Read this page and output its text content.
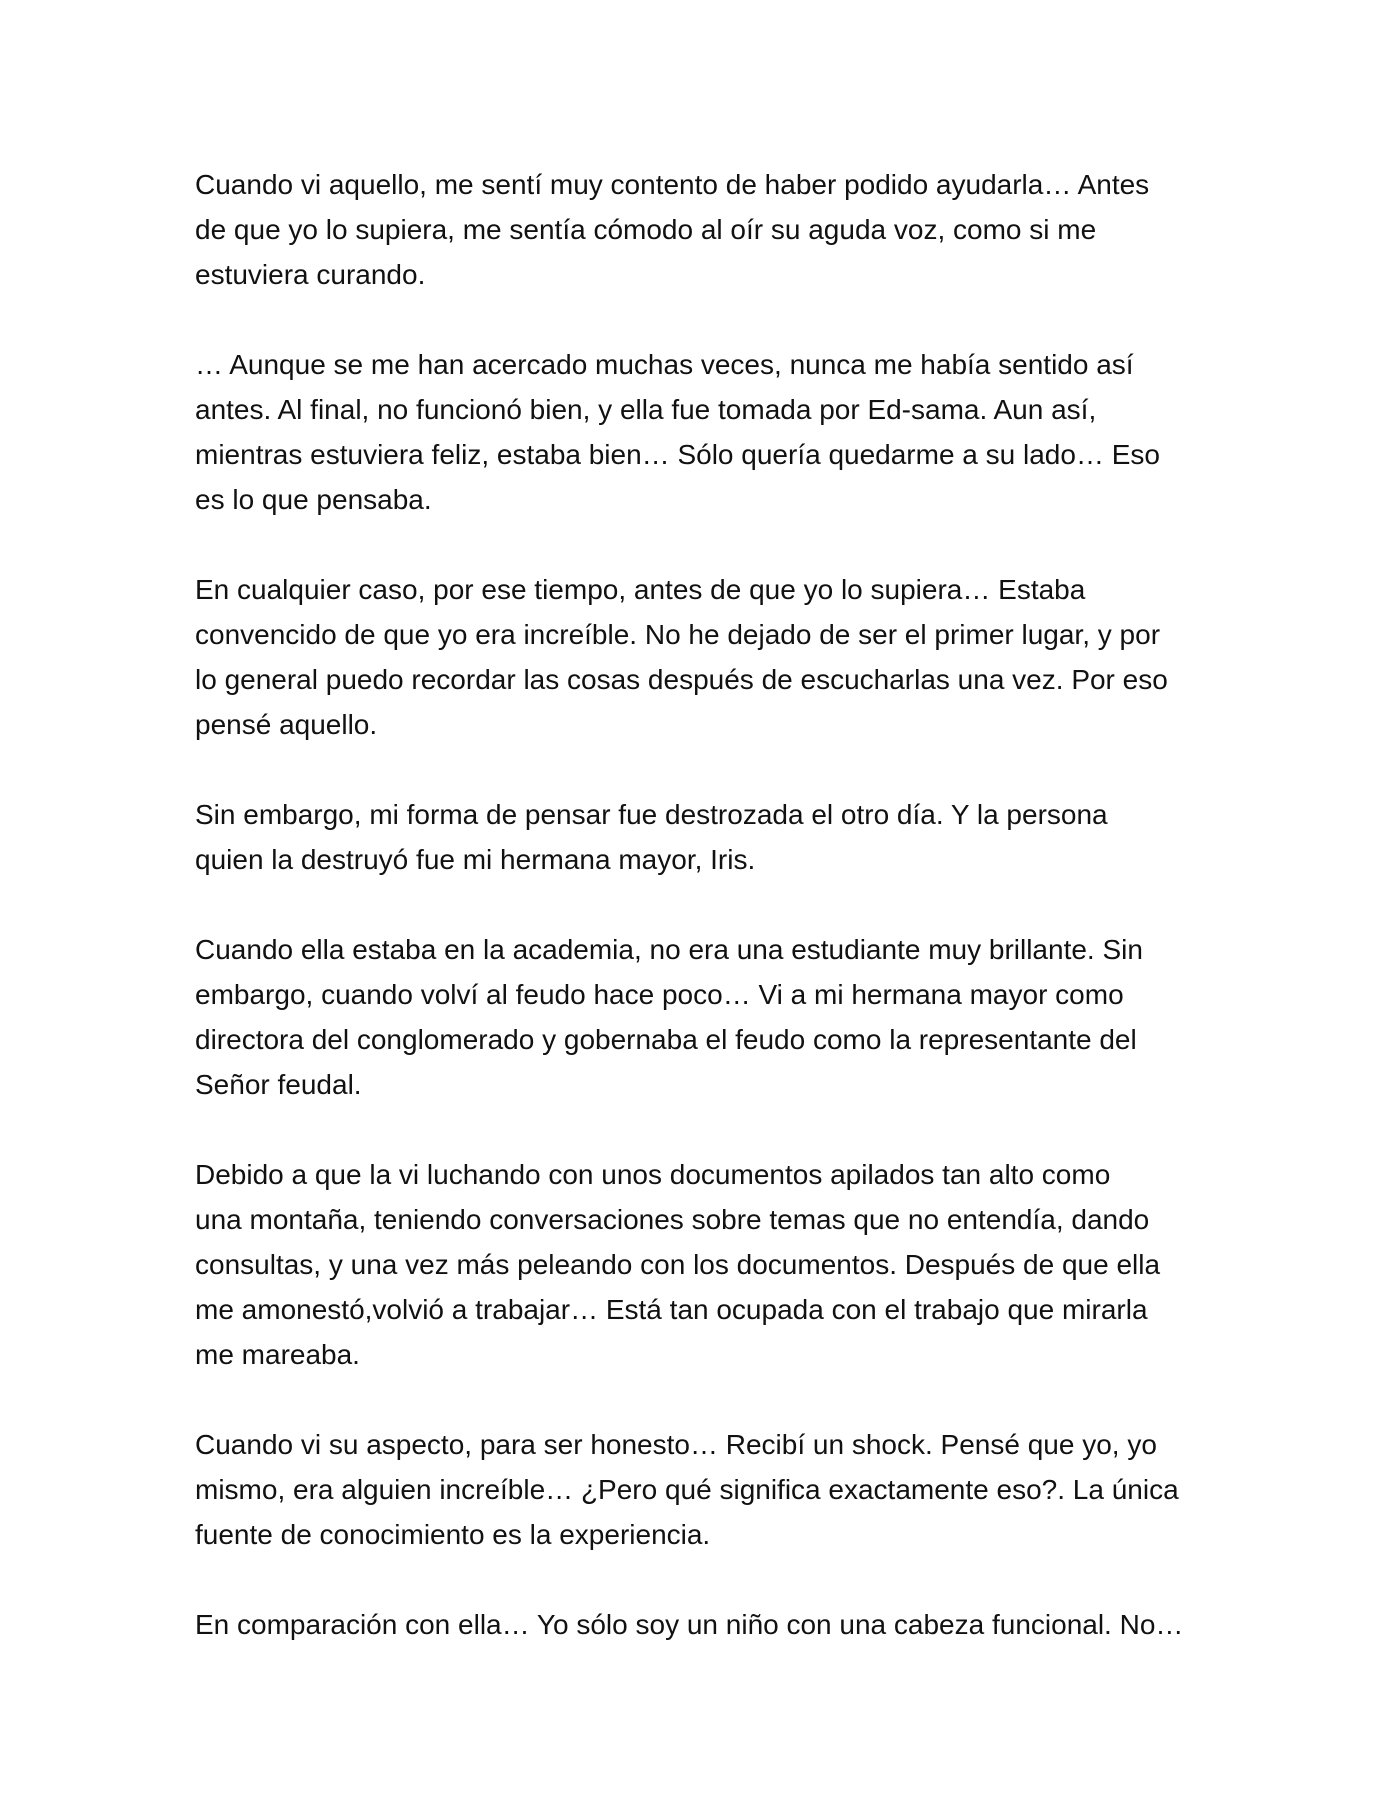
Cuando vi aquello, me sentí muy contento de haber podido ayudarla… Antes
de que yo lo supiera, me sentía cómodo al oír su aguda voz, como si me
estuviera curando.

… Aunque se me han acercado muchas veces, nunca me había sentido así
antes. Al final, no funcionó bien, y ella fue tomada por Ed-sama. Aun así,
mientras estuviera feliz, estaba bien… Sólo quería quedarme a su lado… Eso
es lo que pensaba.

En cualquier caso, por ese tiempo, antes de que yo lo supiera… Estaba
convencido de que yo era increíble. No he dejado de ser el primer lugar, y por
lo general puedo recordar las cosas después de escucharlas una vez. Por eso
pensé aquello.

Sin embargo, mi forma de pensar fue destrozada el otro día. Y la persona
quien la destruyó fue mi hermana mayor, Iris.

Cuando ella estaba en la academia, no era una estudiante muy brillante. Sin
embargo, cuando volví al feudo hace poco… Vi a mi hermana mayor como
directora del conglomerado y gobernaba el feudo como la representante del
Señor feudal.

Debido a que la vi luchando con unos documentos apilados tan alto como
una montaña, teniendo conversaciones sobre temas que no entendía, dando
consultas, y una vez más peleando con los documentos. Después de que ella
me amonestó,volvió a trabajar… Está tan ocupada con el trabajo que mirarla
me mareaba.

Cuando vi su aspecto, para ser honesto… Recibí un shock. Pensé que yo, yo
mismo, era alguien increíble… ¿Pero qué significa exactamente eso?. La única
fuente de conocimiento es la experiencia.

En comparación con ella… Yo sólo soy un niño con una cabeza funcional. No…
